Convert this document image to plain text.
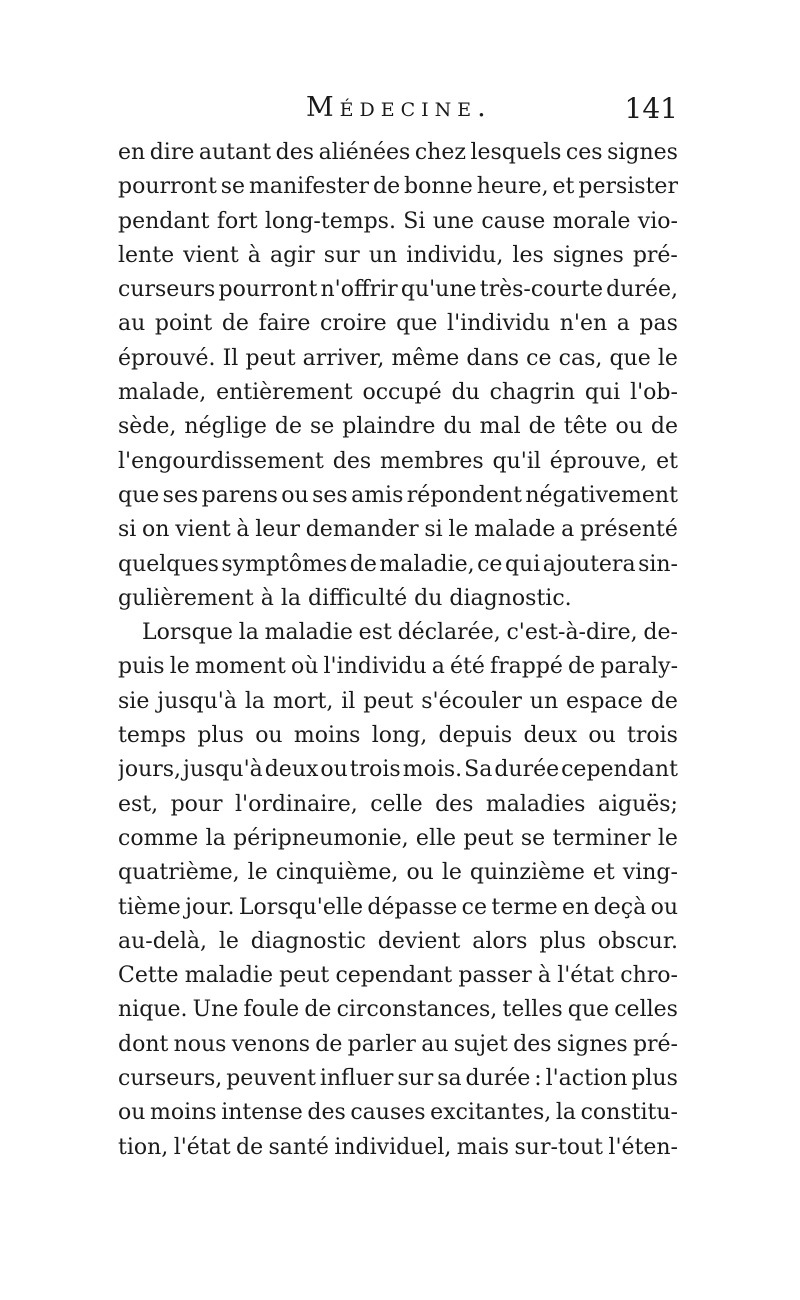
Médecine.	141
en dire autant des aliénées chez lesquels ces signes
pourront se manifester de bonne heure, et persister
pendant fort long-temps. Si une cause morale vio-
lente vient à agir sur un individu, les signes pré-
curseurs pourront n'offrir qu'une très-courte durée,
au point de faire croire que l'individu n'en a pas
éprouvé. Il peut arriver, même dans ce cas, que le
malade, entièrement occupé du chagrin qui l'ob-
sède, néglige de se plaindre du mal de tête ou de
l'engourdissement des membres qu'il éprouve, et
que ses parens ou ses amis répondent négativement
si on vient à leur demander si le malade a présenté
quelques symptômes de maladie, ce qui ajoutera sin-
gulièrement à la difficulté du diagnostic.
Lorsque la maladie est déclarée, c'est-à-dire, de-
puis le moment où l'individu a été frappé de paraly-
sie jusqu'à la mort, il peut s'écouler un espace de
temps plus ou moins long, depuis deux ou trois
jours, jusqu'à deux ou trois mois. Sa durée cependant
est, pour l'ordinaire, celle des maladies aiguës;
comme la péripneumonie, elle peut se terminer le
quatrième, le cinquième, ou le quinzième et ving-
tième jour. Lorsqu'elle dépasse ce terme en deçà ou
au-delà, le diagnostic devient alors plus obscur.
Cette maladie peut cependant passer à l'état chro-
nique. Une foule de circonstances, telles que celles
dont nous venons de parler au sujet des signes pré-
curseurs, peuvent influer sur sa durée : l'action plus
ou moins intense des causes excitantes, la constitu-
tion, l'état de santé individuel, mais sur-tout l'éten-
